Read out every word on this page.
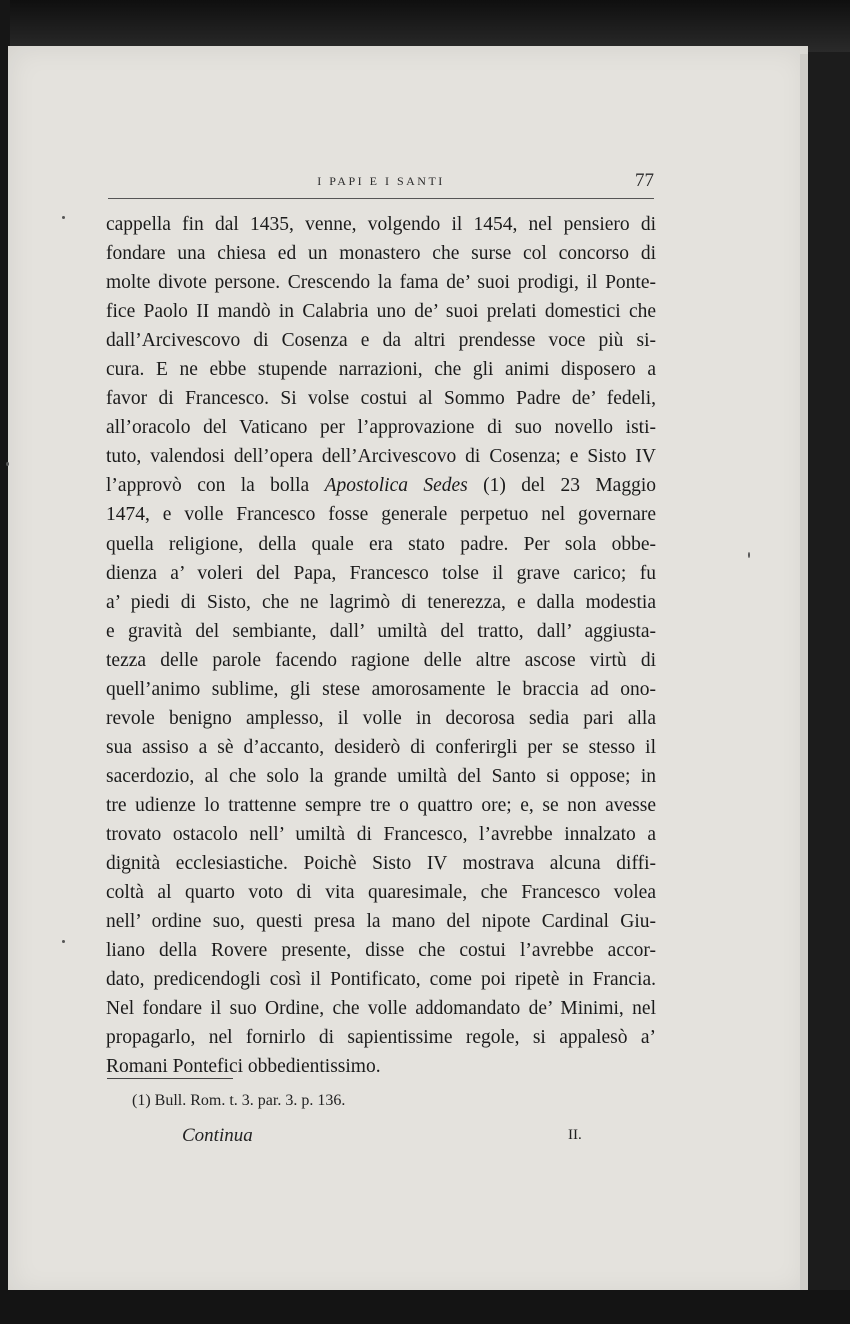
I PAPI E I SANTI	77
cappella fin dal 1435, venne, volgendo il 1454, nel pensiero di
fondare una chiesa ed un monastero che surse col concorso di
molte divote persone. Crescendo la fama de’ suoi prodigi, il Ponte-
fice Paolo II mandò in Calabria uno de’ suoi prelati domestici che
dall’Arcivescovo di Cosenza e da altri prendesse voce più si-
cura. E ne ebbe stupende narrazioni, che gli animi disposero a
favor di Francesco. Si volse costui al Sommo Padre de’ fedeli,
all’oracolo del Vaticano per l’approvazione di suo novello isti-
tuto, valendosi dell’opera dell’Arcivescovo di Cosenza; e Sisto IV
l’approvò con la bolla Apostolica Sedes (1) del 23 Maggio
1474, e volle Francesco fosse generale perpetuo nel governare
quella religione, della quale era stato padre. Per sola obbe-
dienza a’ voleri del Papa, Francesco tolse il grave carico; fu
a’ piedi di Sisto, che ne lagrimò di tenerezza, e dalla modestia
e gravità del sembiante, dall’ umiltà del tratto, dall’ aggiusta-
tezza delle parole facendo ragione delle altre ascose virtù di
quell’animo sublime, gli stese amorosamente le braccia ad ono-
revole benigno amplesso, il volle in decorosa sedia pari alla
sua assiso a sè d’accanto, desiderò di conferirgli per se stesso il
sacerdozio, al che solo la grande umiltà del Santo si oppose; in
tre udienze lo trattenne sempre tre o quattro ore; e, se non avesse
trovato ostacolo nell’ umiltà di Francesco, l’avrebbe innalzato a
dignità ecclesiastiche. Poichè Sisto IV mostrava alcuna diffi-
coltà al quarto voto di vita quaresimale, che Francesco volea
nell’ ordine suo, questi presa la mano del nipote Cardinal Giu-
liano della Rovere presente, disse che costui l’avrebbe accor-
dato, predicendogli così il Pontificato, come poi ripetè in Francia.
Nel fondare il suo Ordine, che volle addomandato de’ Minimi, nel
propagarlo, nel fornirlo di sapientissime regole, si appalesò a’
Romani Pontefici obbedientissimo.
(1) Bull. Rom. t. 3. par. 3. p. 136.
Continua	II.
